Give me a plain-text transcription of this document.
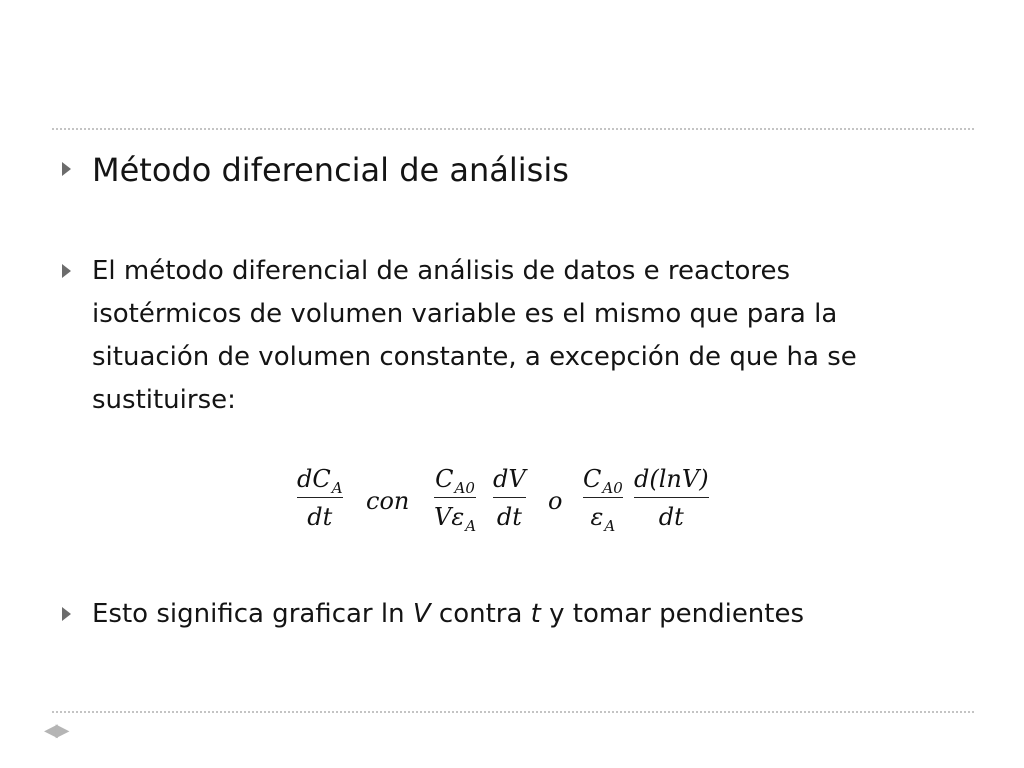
Método diferencial de análisis
El método diferencial de análisis de datos e reactores
isotérmicos de volumen variable es el mismo que para la
situación de volumen constante, a excepción de que ha se
sustituirse:
$dC_A$
dt
con
$C_{A0}$
$V\varepsilon_A$
dV
dt
o
$C_{A0}$
$\varepsilon_A$
d(lnV)
dt
Esto significa graficar ln V contra t y tomar pendientes
◀ ▶
